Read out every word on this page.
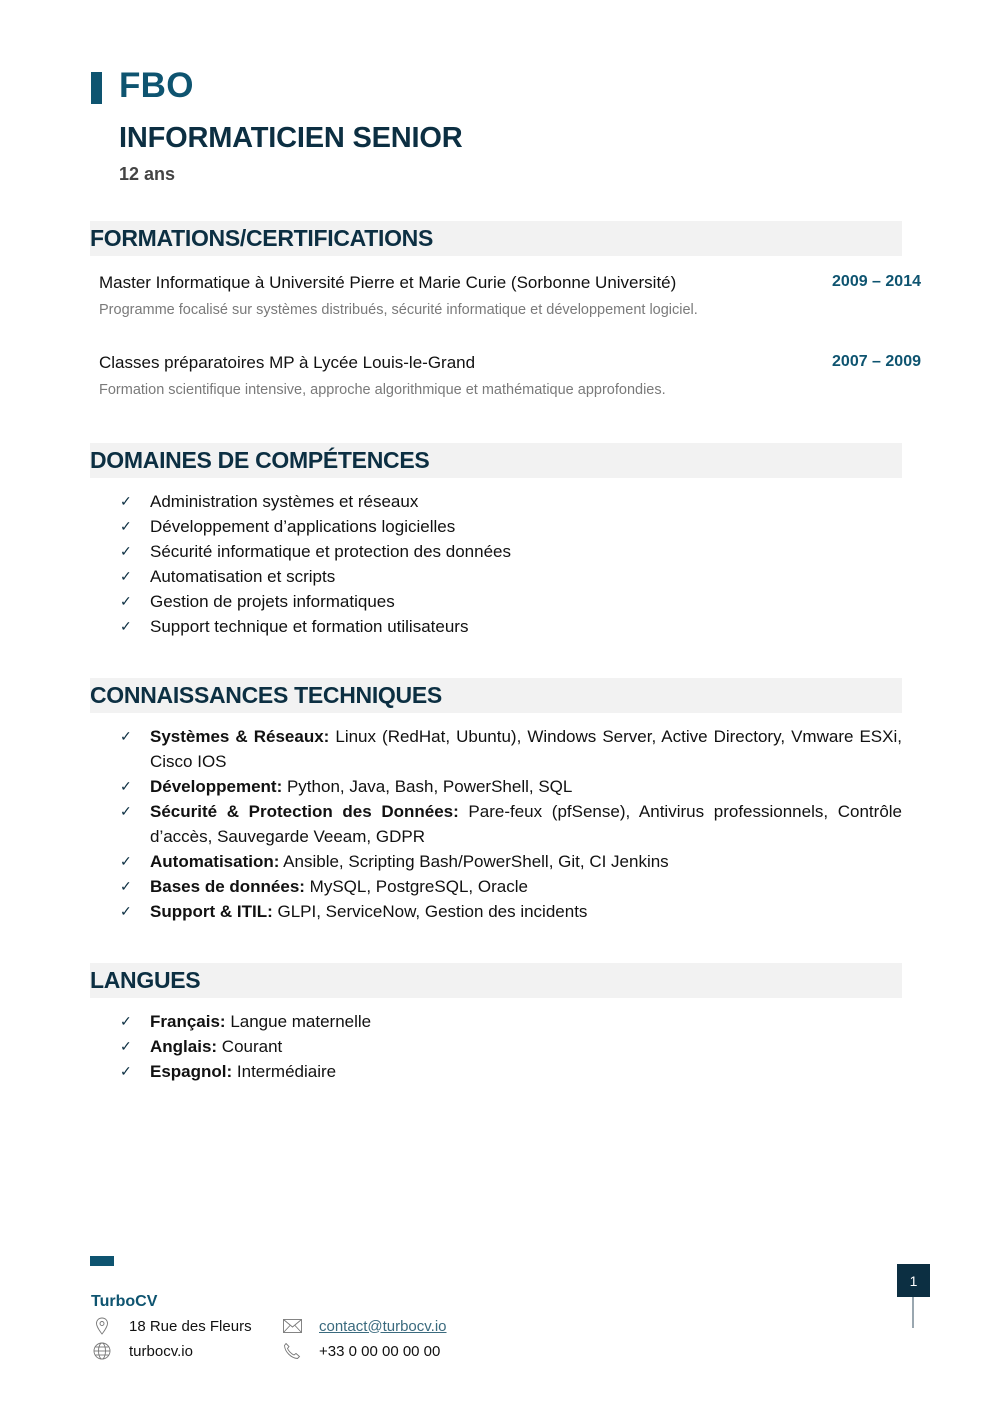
FBO
INFORMATICIEN SENIOR
12 ans
FORMATIONS/CERTIFICATIONS
Master Informatique à Université Pierre et Marie Curie (Sorbonne Université)	2009 – 2014
Programme focalisé sur systèmes distribués, sécurité informatique et développement logiciel.
Classes préparatoires MP à Lycée Louis-le-Grand	2007 – 2009
Formation scientifique intensive, approche algorithmique et mathématique approfondies.
DOMAINES DE COMPÉTENCES
✓ Administration systèmes et réseaux
✓ Développement d’applications logicielles
✓ Sécurité informatique et protection des données
✓ Automatisation et scripts
✓ Gestion de projets informatiques
✓ Support technique et formation utilisateurs
CONNAISSANCES TECHNIQUES
✓ Systèmes & Réseaux: Linux (RedHat, Ubuntu), Windows Server, Active Directory, Vmware ESXi, Cisco IOS
✓ Développement: Python, Java, Bash, PowerShell, SQL
✓ Sécurité & Protection des Données: Pare-feux (pfSense), Antivirus professionnels, Contrôle d’accès, Sauvegarde Veeam, GDPR
✓ Automatisation: Ansible, Scripting Bash/PowerShell, Git, CI Jenkins
✓ Bases de données: MySQL, PostgreSQL, Oracle
✓ Support & ITIL: GLPI, ServiceNow, Gestion des incidents
LANGUES
✓ Français: Langue maternelle
✓ Anglais: Courant
✓ Espagnol: Intermédiaire
TurboCV
18 Rue des Fleurs
turbocv.io
contact@turbocv.io
+33 0 00 00 00 00
1
